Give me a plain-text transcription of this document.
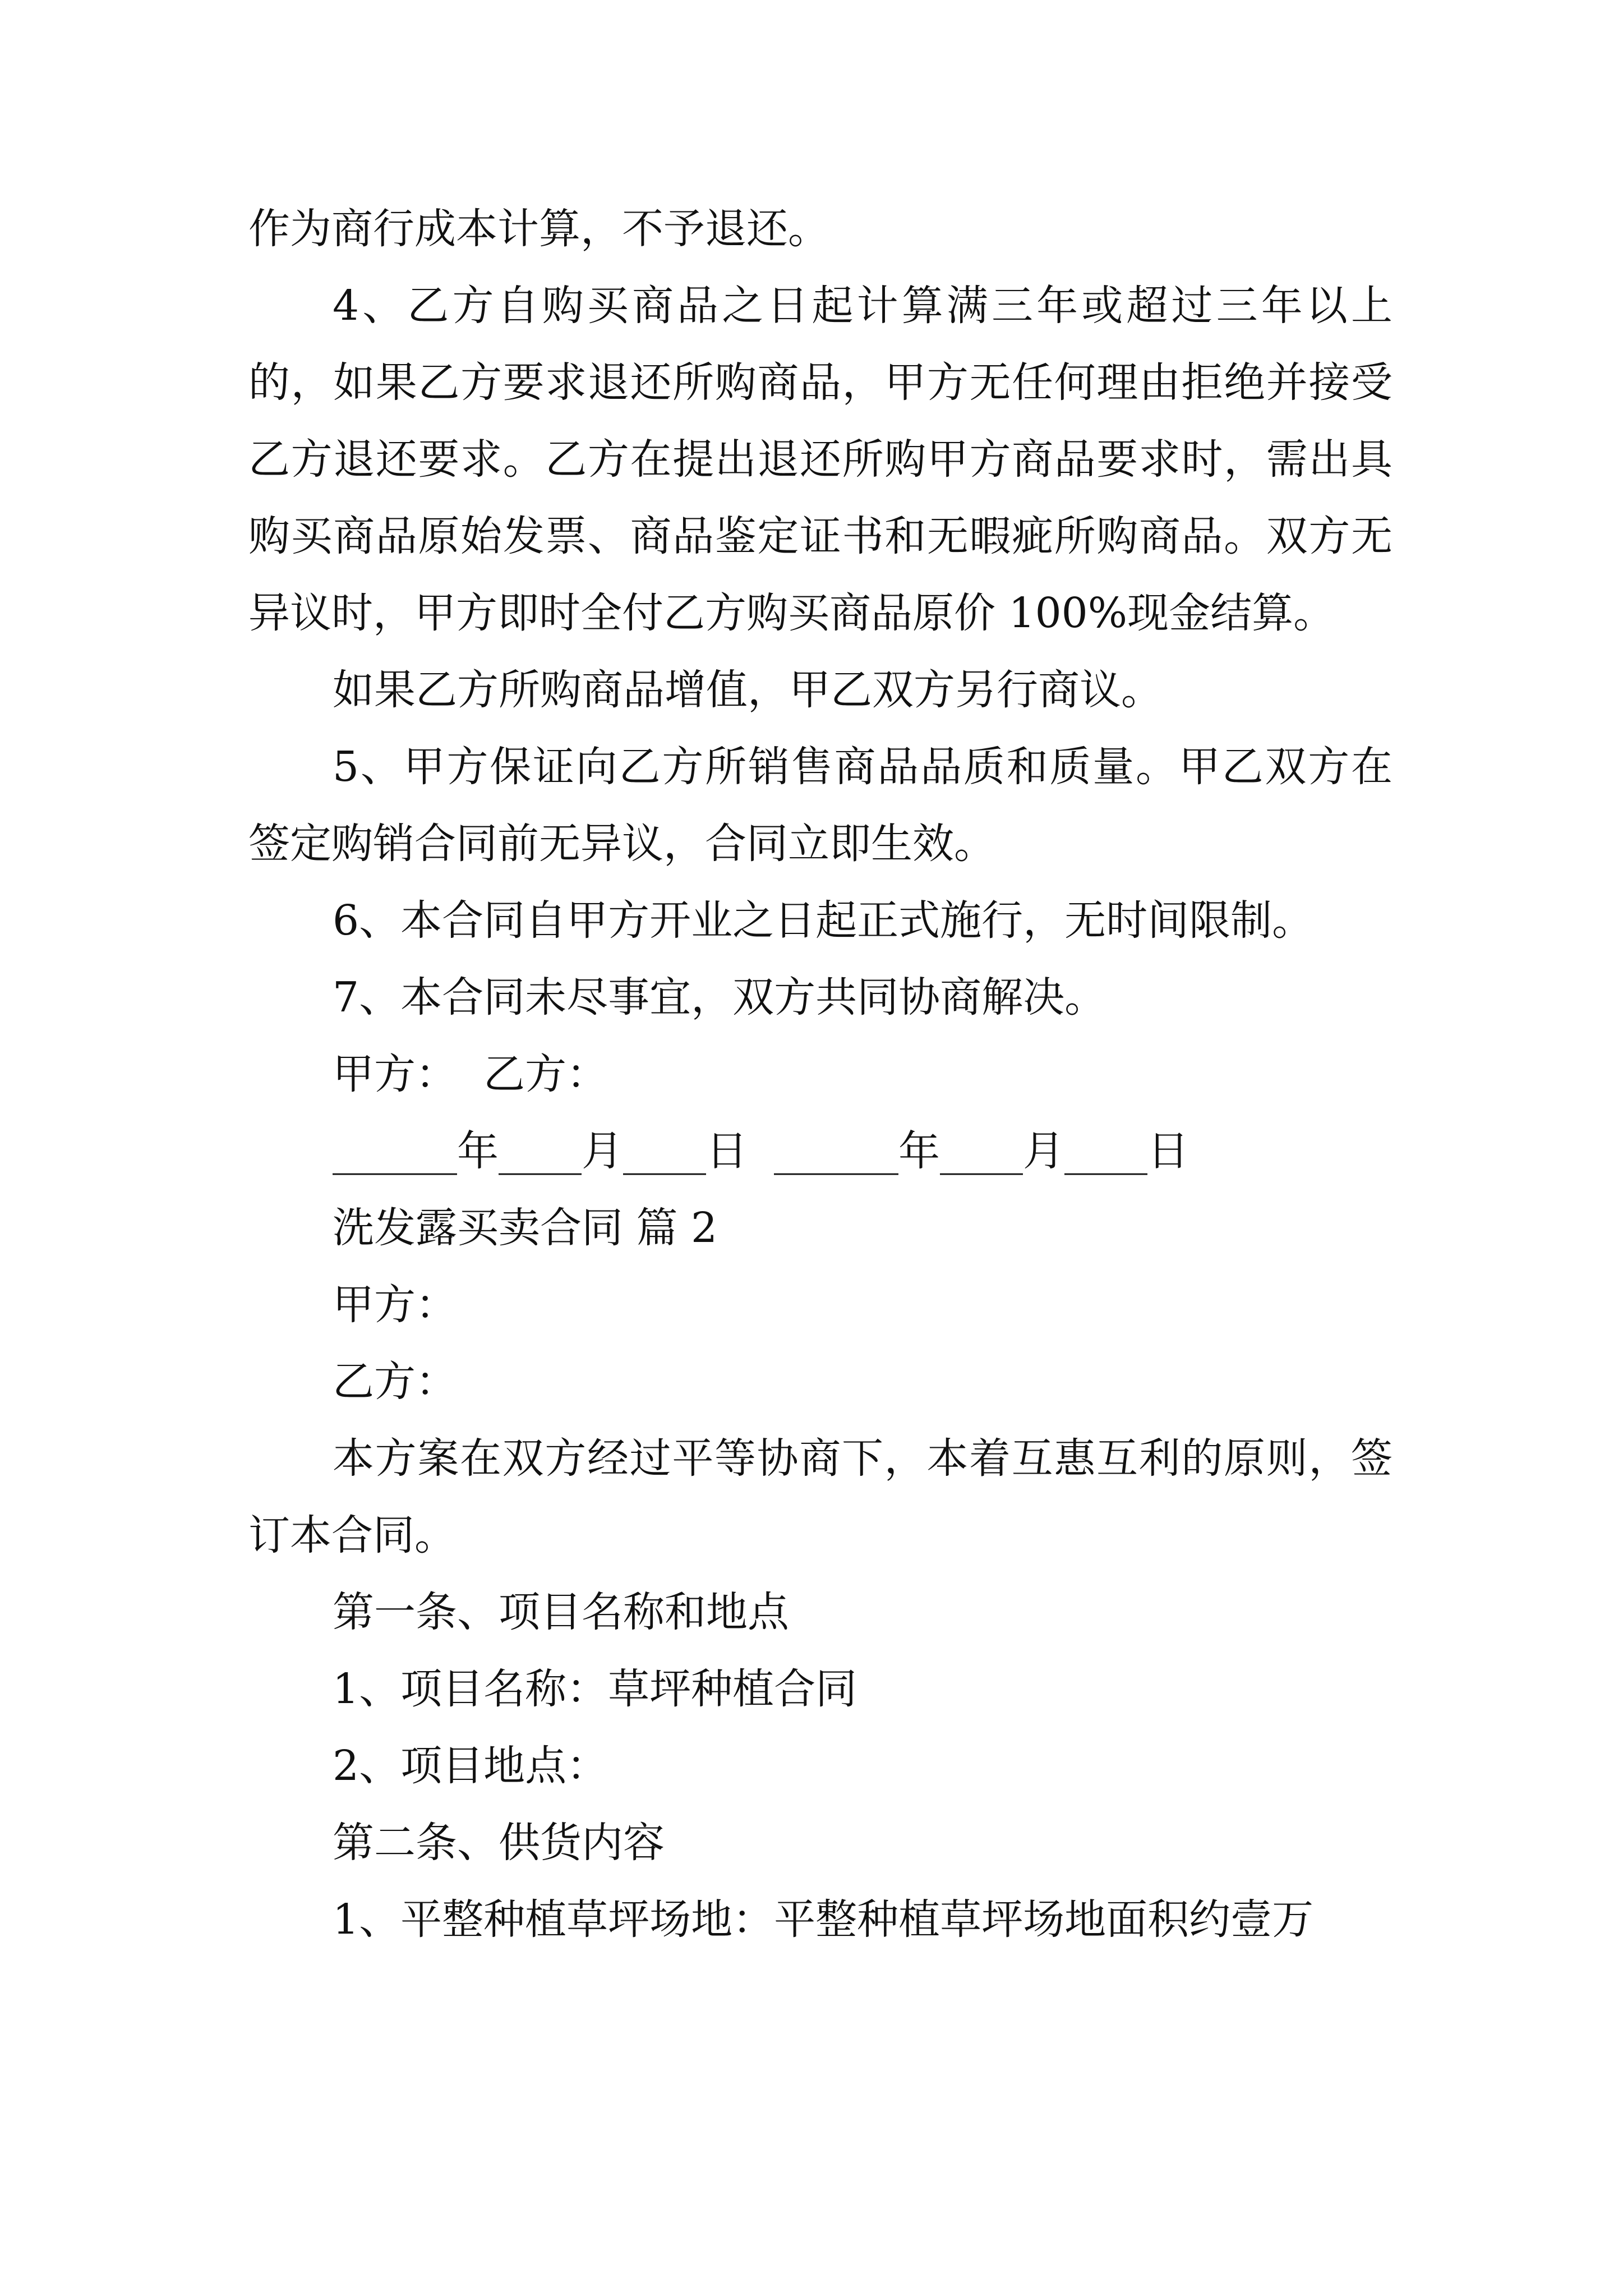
作为商行成本计算，不予退还。

4、乙方自购买商品之日起计算满三年或超过三年以上的，如果乙方要求退还所购商品，甲方无任何理由拒绝并接受乙方退还要求。乙方在提出退还所购甲方商品要求时，需出具购买商品原始发票、商品鉴定证书和无暇疵所购商品。双方无异议时，甲方即时全付乙方购买商品原价 100%现金结算。

如果乙方所购商品增值，甲乙双方另行商议。

5、甲方保证向乙方所销售商品品质和质量。甲乙双方在签定购销合同前无异议，合同立即生效。

6、本合同自甲方开业之日起正式施行，无时间限制。

7、本合同未尽事宜，双方共同协商解决。

甲方：  乙方：

______年____月____日  ______年____月____日

洗发露买卖合同 篇 2

甲方：

乙方：

本方案在双方经过平等协商下，本着互惠互利的原则，签订本合同。

第一条、项目名称和地点

1、项目名称：草坪种植合同

2、项目地点：

第二条、供货内容

1、平整种植草坪场地：平整种植草坪场地面积约壹万
